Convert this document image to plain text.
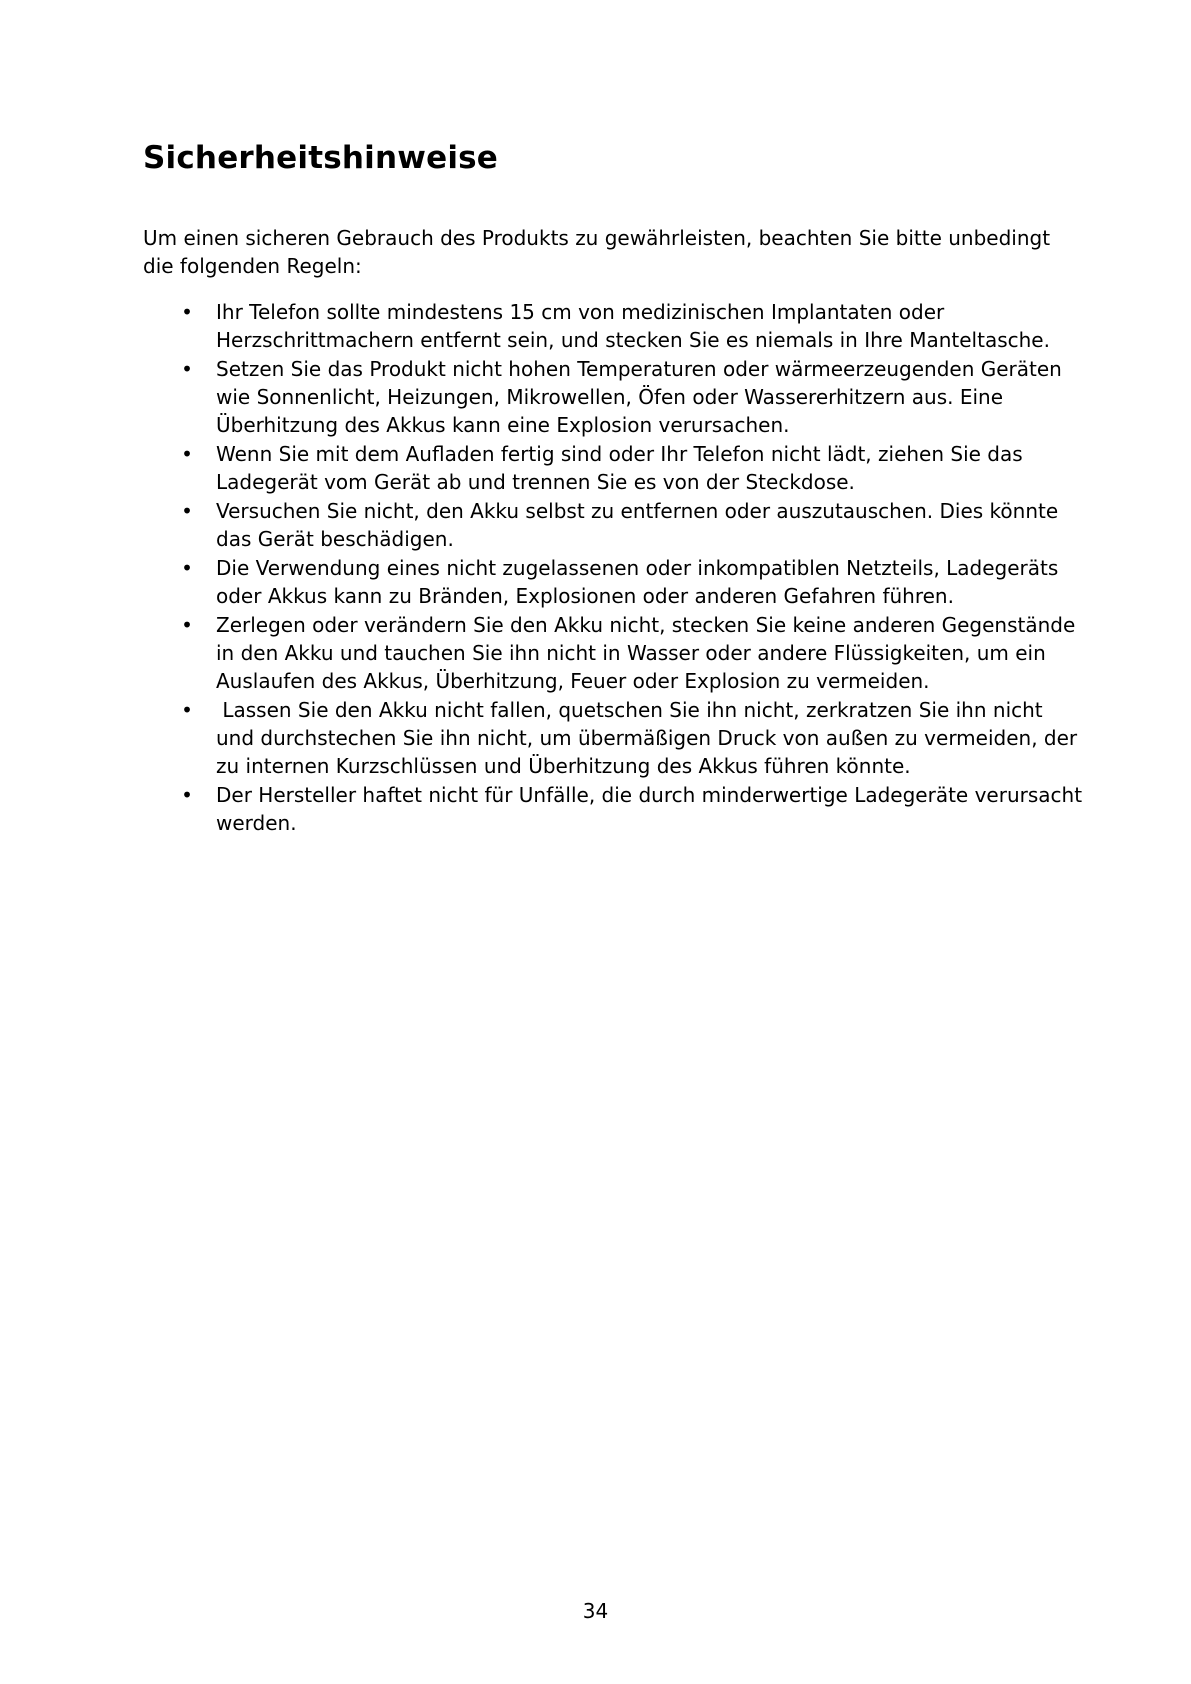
Sicherheitshinweise

Um einen sicheren Gebrauch des Produkts zu gewährleisten, beachten Sie bitte unbedingt die folgenden Regeln:

• Ihr Telefon sollte mindestens 15 cm von medizinischen Implantaten oder Herzschrittmachern entfernt sein, und stecken Sie es niemals in Ihre Manteltasche.
• Setzen Sie das Produkt nicht hohen Temperaturen oder wärmeerzeugenden Geräten wie Sonnenlicht, Heizungen, Mikrowellen, Öfen oder Wassererhitzern aus. Eine Überhitzung des Akkus kann eine Explosion verursachen.
• Wenn Sie mit dem Aufladen fertig sind oder Ihr Telefon nicht lädt, ziehen Sie das Ladegerät vom Gerät ab und trennen Sie es von der Steckdose.
• Versuchen Sie nicht, den Akku selbst zu entfernen oder auszutauschen. Dies könnte das Gerät beschädigen.
• Die Verwendung eines nicht zugelassenen oder inkompatiblen Netzteils, Ladegeräts oder Akkus kann zu Bränden, Explosionen oder anderen Gefahren führen.
• Zerlegen oder verändern Sie den Akku nicht, stecken Sie keine anderen Gegenstände in den Akku und tauchen Sie ihn nicht in Wasser oder andere Flüssigkeiten, um ein Auslaufen des Akkus, Überhitzung, Feuer oder Explosion zu vermeiden.
• Lassen Sie den Akku nicht fallen, quetschen Sie ihn nicht, zerkratzen Sie ihn nicht und durchstechen Sie ihn nicht, um übermäßigen Druck von außen zu vermeiden, der zu internen Kurzschlüssen und Überhitzung des Akkus führen könnte.
• Der Hersteller haftet nicht für Unfälle, die durch minderwertige Ladegeräte verursacht werden.
34
